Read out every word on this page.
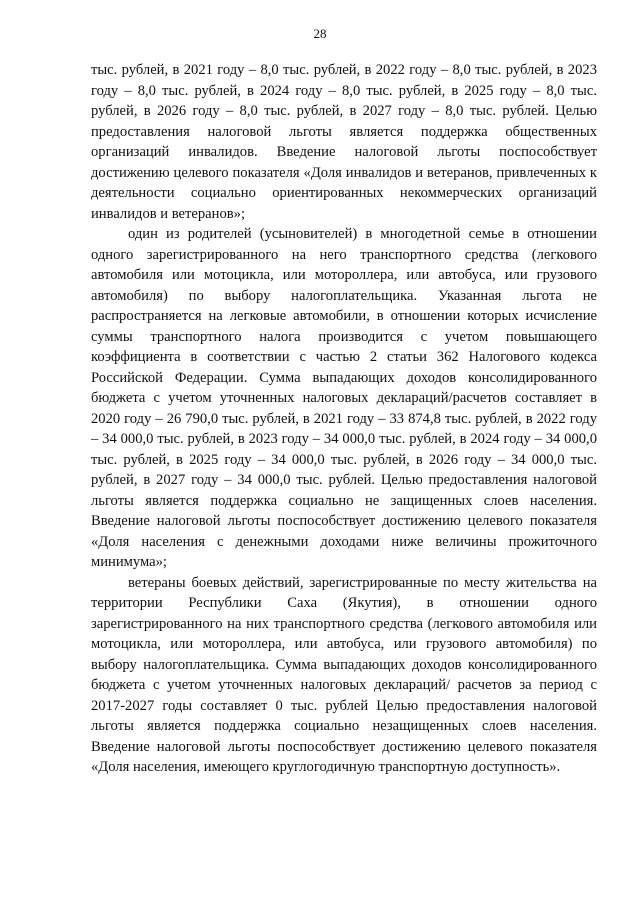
28

тыс. рублей, в 2021 году – 8,0 тыс. рублей, в 2022 году – 8,0 тыс. рублей, в 2023 году – 8,0 тыс. рублей, в 2024 году – 8,0 тыс. рублей, в 2025 году – 8,0 тыс. рублей, в 2026 году – 8,0 тыс. рублей, в 2027 году – 8,0 тыс. рублей. Целью предоставления налоговой льготы является поддержка общественных организаций инвалидов. Введение налоговой льготы поспособствует достижению целевого показателя «Доля инвалидов и ветеранов, привлеченных к деятельности социально ориентированных некоммерческих организаций инвалидов и ветеранов»;

один из родителей (усыновителей) в многодетной семье в отношении одного зарегистрированного на него транспортного средства (легкового автомобиля или мотоцикла, или мотороллера, или автобуса, или грузового автомобиля) по выбору налогоплательщика. Указанная льгота не распространяется на легковые автомобили, в отношении которых исчисление суммы транспортного налога производится с учетом повышающего коэффициента в соответствии с частью 2 статьи 362 Налогового кодекса Российской Федерации. Сумма выпадающих доходов консолидированного бюджета с учетом уточненных налоговых деклараций/расчетов составляет в 2020 году – 26 790,0 тыс. рублей, в 2021 году – 33 874,8 тыс. рублей, в 2022 году – 34 000,0 тыс. рублей, в 2023 году – 34 000,0 тыс. рублей, в 2024 году – 34 000,0 тыс. рублей, в 2025 году – 34 000,0 тыс. рублей, в 2026 году – 34 000,0 тыс. рублей, в 2027 году – 34 000,0 тыс. рублей. Целью предоставления налоговой льготы является поддержка социально не защищенных слоев населения. Введение налоговой льготы поспособствует достижению целевого показателя «Доля населения с денежными доходами ниже величины прожиточного минимума»;

ветераны боевых действий, зарегистрированные по месту жительства на территории Республики Саха (Якутия), в отношении одного зарегистрированного на них транспортного средства (легкового автомобиля или мотоцикла, или мотороллера, или автобуса, или грузового автомобиля) по выбору налогоплательщика. Сумма выпадающих доходов консолидированного бюджета с учетом уточненных налоговых деклараций/ расчетов за период с 2017-2027 годы составляет 0 тыс. рублей Целью предоставления налоговой льготы является поддержка социально незащищенных слоев населения. Введение налоговой льготы поспособствует достижению целевого показателя «Доля населения, имеющего круглогодичную транспортную доступность».
